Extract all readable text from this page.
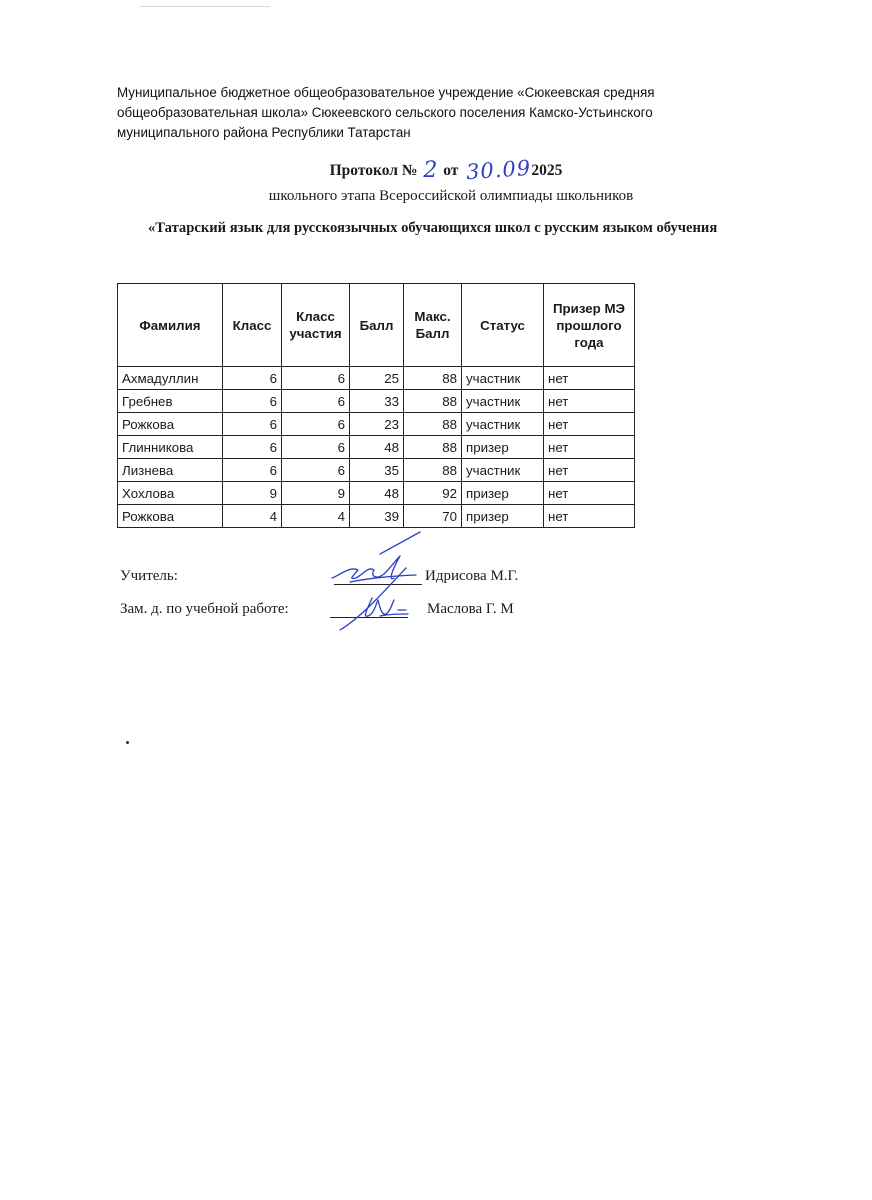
Муниципальное бюджетное общеобразовательное учреждение «Сюкеевская средняя общеобразовательная школа» Сюкеевского сельского поселения Камско-Устьинского муниципального района Республики Татарстан
Протокол № 2 от 30.092025
школьного этапа Всероссийской олимпиады школьников
«Татарский язык для русскоязычных обучающихся школ с русским языком обучения
Фамилия	Класс	Класс участия	Балл	Макс. Балл	Статус	Призер МЭ прошлого года
Ахмадуллин	6	6	25	88	участник	нет
Гребнев	6	6	33	88	участник	нет
Рожкова	6	6	23	88	участник	нет
Глинникова	6	6	48	88	призер	нет
Лизнева	6	6	35	88	участник	нет
Хохлова	9	9	48	92	призер	нет
Рожкова	4	4	39	70	призер	нет
Учитель:	Идрисова М.Г.
Зам. д. по учебной работе:	Маслова Г. М
